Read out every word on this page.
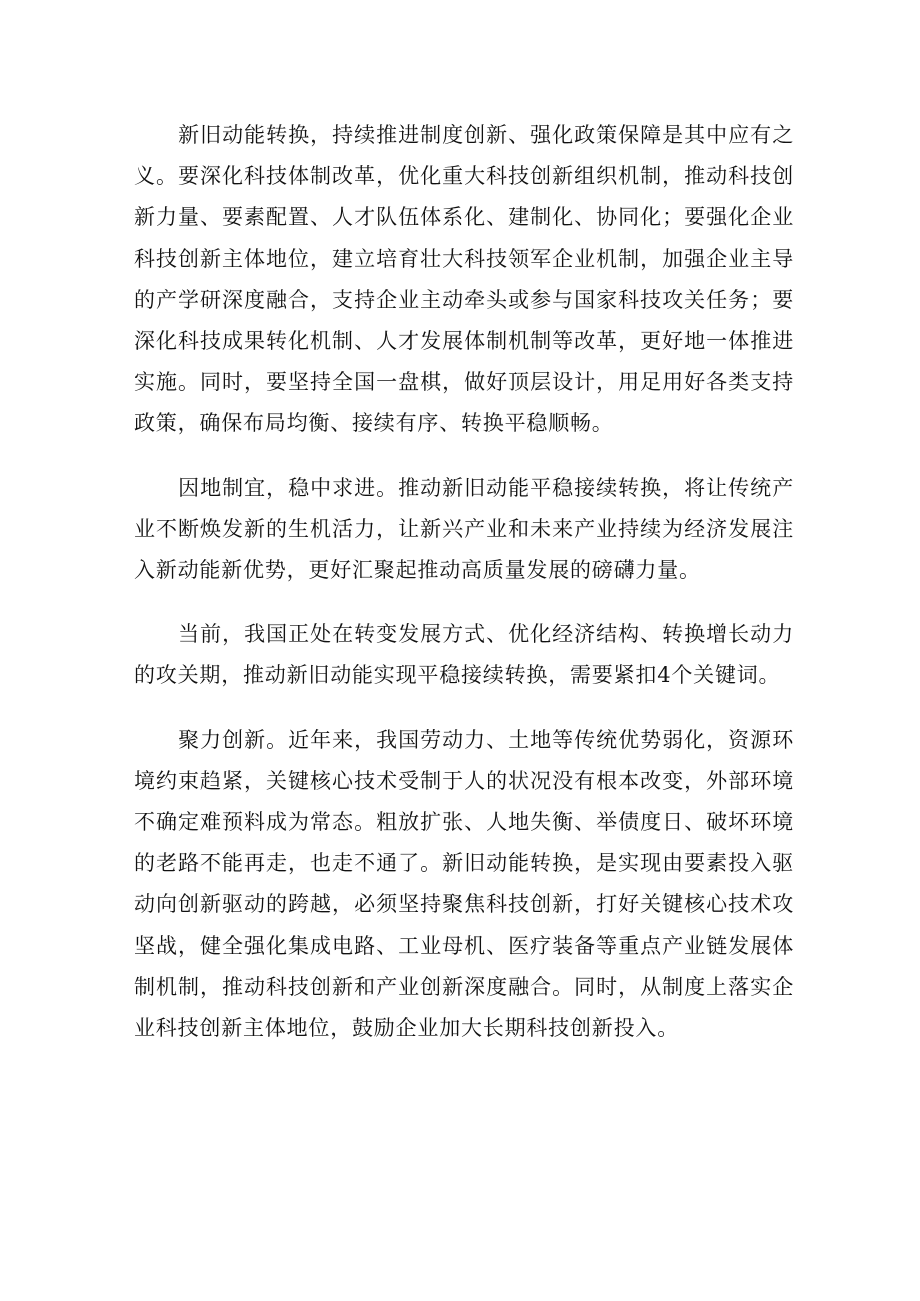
新旧动能转换，持续推进制度创新、强化政策保障是其中应有之义。要深化科技体制改革，优化重大科技创新组织机制，推动科技创新力量、要素配置、人才队伍体系化、建制化、协同化；要强化企业科技创新主体地位，建立培育壮大科技领军企业机制，加强企业主导的产学研深度融合，支持企业主动牵头或参与国家科技攻关任务；要深化科技成果转化机制、人才发展体制机制等改革，更好地一体推进实施。同时，要坚持全国一盘棋，做好顶层设计，用足用好各类支持政策，确保布局均衡、接续有序、转换平稳顺畅。

因地制宜，稳中求进。推动新旧动能平稳接续转换，将让传统产业不断焕发新的生机活力，让新兴产业和未来产业持续为经济发展注入新动能新优势，更好汇聚起推动高质量发展的磅礴力量。

当前，我国正处在转变发展方式、优化经济结构、转换增长动力的攻关期，推动新旧动能实现平稳接续转换，需要紧扣4个关键词。

聚力创新。近年来，我国劳动力、土地等传统优势弱化，资源环境约束趋紧，关键核心技术受制于人的状况没有根本改变，外部环境不确定难预料成为常态。粗放扩张、人地失衡、举债度日、破坏环境的老路不能再走，也走不通了。新旧动能转换，是实现由要素投入驱动向创新驱动的跨越，必须坚持聚焦科技创新，打好关键核心技术攻坚战，健全强化集成电路、工业母机、医疗装备等重点产业链发展体制机制，推动科技创新和产业创新深度融合。同时，从制度上落实企业科技创新主体地位，鼓励企业加大长期科技创新投入。
